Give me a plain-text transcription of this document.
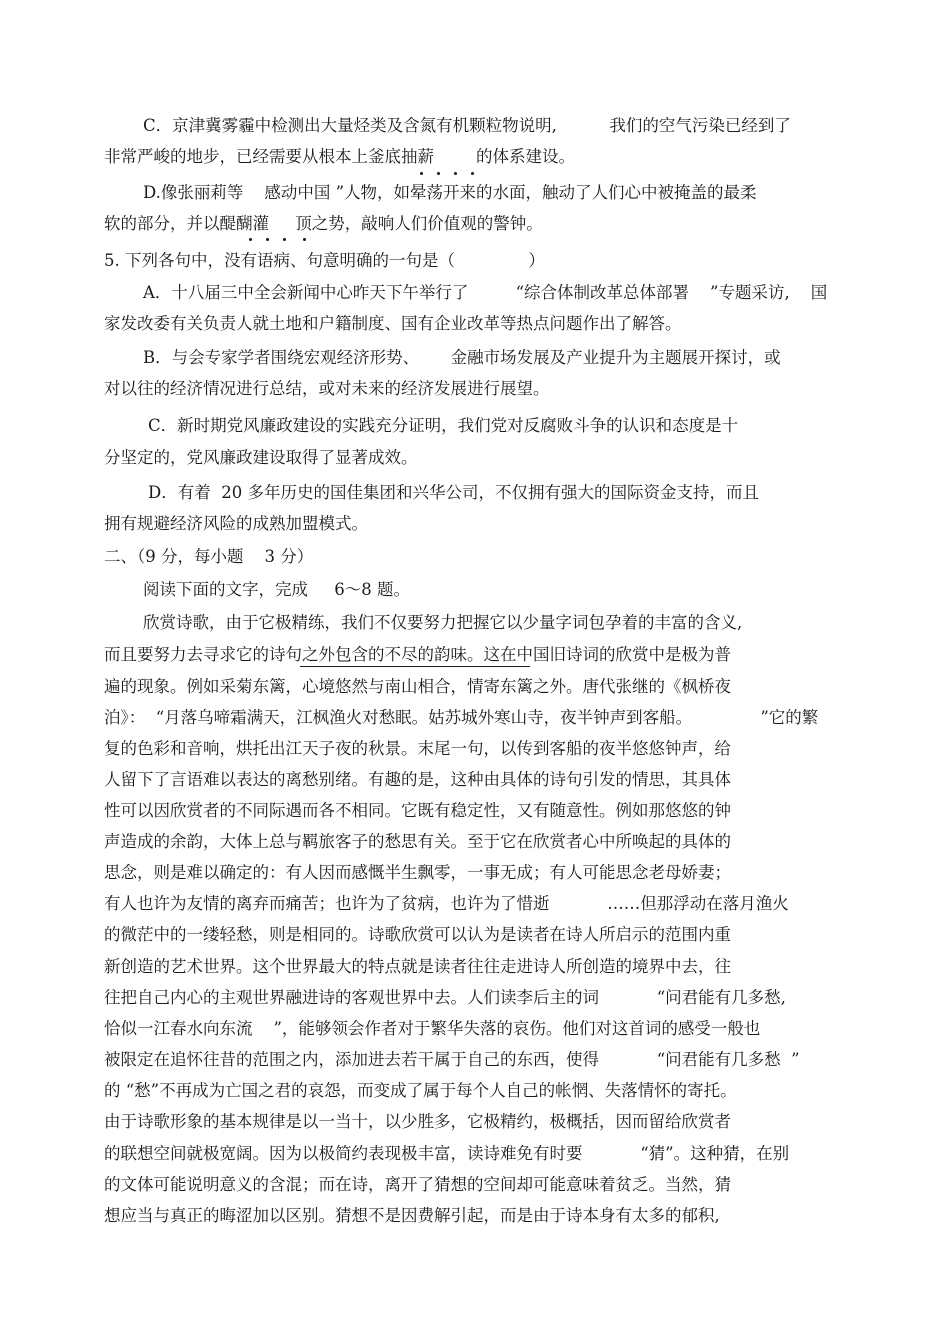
C．京津冀雾霾中检测出大量烃类及含氮有机颗粒物说明,          我们的空气污染已经到了
非常严峻的地步，已经需要从根本上釜底抽薪        的体系建设。
D.像张丽莉等    感动中国 ”人物，如晕荡开来的水面，触动了人们心中被掩盖的最柔
软的部分，并以醍醐灌     顶之势，敲响人们价值观的警钟。
5. 下列各句中，没有语病、句意明确的一句是（              ）
A．十八届三中全会新闻中心昨天下午举行了         “综合体制改革总体部署    ”专题采访,    国
家发改委有关负责人就土地和户籍制度、国有企业改革等热点问题作出了解答。
B．与会专家学者围绕宏观经济形势、      金融市场发展及产业提升为主题展开探讨，或
对以往的经济情况进行总结，或对未来的经济发展进行展望。
C．新时期党风廉政建设的实践充分证明，我们党对反腐败斗争的认识和态度是十
分坚定的，党风廉政建设取得了显著成效。
D．有着  20 多年历史的国佳集团和兴华公司，不仅拥有强大的国际资金支持，而且
拥有规避经济风险的成熟加盟模式。
二、（9 分，每小题    3 分）
阅读下面的文字，完成     6～8 题。
欣赏诗歌，由于它极精练，我们不仅要努力把握它以少量字词包孕着的丰富的含义,
而且要努力去寻求它的诗句之外包含的不尽的韵味。这在中国旧诗词的欣赏中是极为普
遍的现象。例如采菊东篱，心境悠然与南山相合，情寄东篱之外。唐代张继的《枫桥夜
泊》：  “月落乌啼霜满天，江枫渔火对愁眠。姑苏城外寒山寺，夜半钟声到客船。             ”它的繁
复的色彩和音响，烘托出江天子夜的秋景。末尾一句，以传到客船的夜半悠悠钟声，给
人留下了言语难以表达的离愁别绪。有趣的是，这种由具体的诗句引发的情思，其具体
性可以因欣赏者的不同际遇而各不相同。它既有稳定性，又有随意性。例如那悠悠的钟
声造成的余韵，大体上总与羁旅客子的愁思有关。至于它在欣赏者心中所唤起的具体的
思念，则是难以确定的：有人因而感慨半生飘零，一事无成；有人可能思念老母娇妻；
有人也许为友情的离弃而痛苦；也许为了贫病，也许为了惜逝           ……但那浮动在落月渔火
的微茫中的一缕轻愁，则是相同的。诗歌欣赏可以认为是读者在诗人所启示的范围内重
新创造的艺术世界。这个世界最大的特点就是读者往往走进诗人所创造的境界中去，往
往把自己内心的主观世界融进诗的客观世界中去。人们读李后主的词           “问君能有几多愁,
恰似一江春水向东流    ”，能够领会作者对于繁华失落的哀伤。他们对这首词的感受一般也
被限定在追怀往昔的范围之内，添加进去若干属于自己的东西，使得           “问君能有几多愁  ”
的 “愁”不再成为亡国之君的哀怨，而变成了属于每个人自己的帐惘、失落情怀的寄托。
由于诗歌形象的基本规律是以一当十，以少胜多，它极精约，极概括，因而留给欣赏者
的联想空间就极宽阔。因为以极简约表现极丰富，读诗难免有时要           “猜”。这种猜，在别
的文体可能说明意义的含混；而在诗，离开了猜想的空间却可能意味着贫乏。当然，猜
想应当与真正的晦涩加以区别。猜想不是因费解引起，而是由于诗本身有太多的郁积,
